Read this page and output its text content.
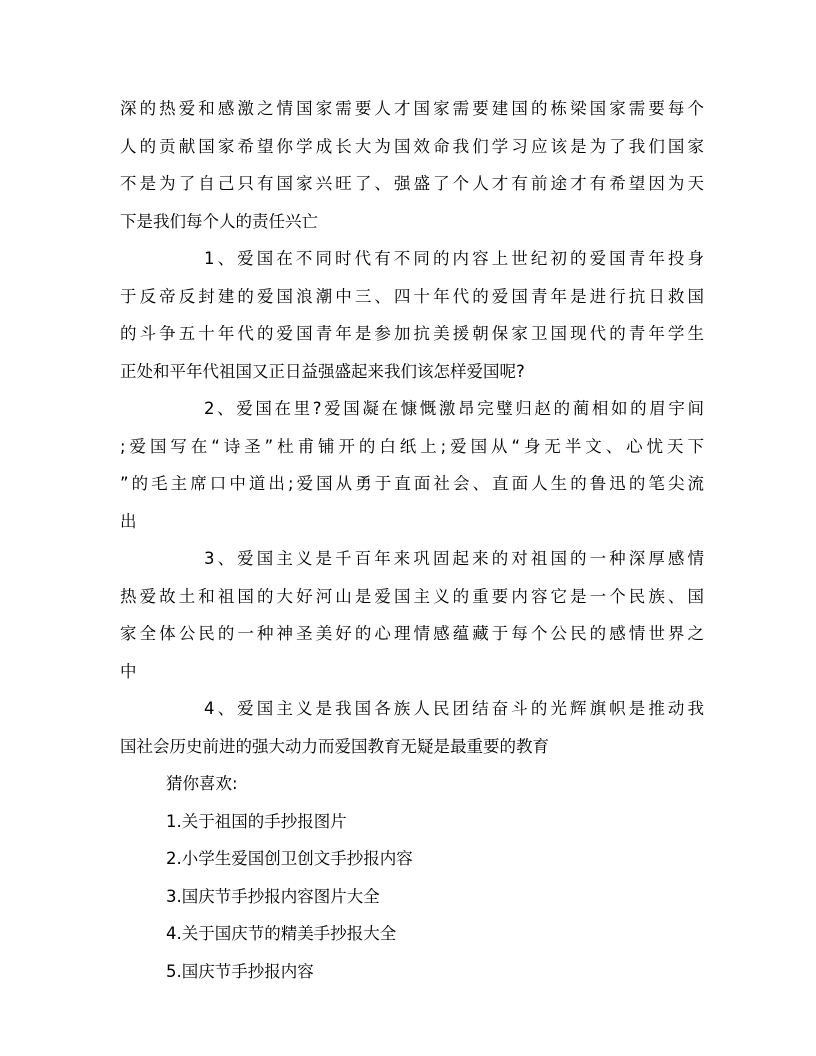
深的热爱和感激之情国家需要人才国家需要建国的栋梁国家需要每个
人的贡献国家希望你学成长大为国效命我们学习应该是为了我们国家
不是为了自己只有国家兴旺了、强盛了个人才有前途才有希望因为天
下是我们每个人的责任兴亡
1、爱国在不同时代有不同的内容上世纪初的爱国青年投身
于反帝反封建的爱国浪潮中三、四十年代的爱国青年是进行抗日救国
的斗争五十年代的爱国青年是参加抗美援朝保家卫国现代的青年学生
正处和平年代祖国又正日益强盛起来我们该怎样爱国呢?
2、爱国在里?爱国凝在慷慨激昂完璧归赵的蔺相如的眉宇间
;爱国写在“诗圣”杜甫铺开的白纸上;爱国从“身无半文、心忧天下
”的毛主席口中道出;爱国从勇于直面社会、直面人生的鲁迅的笔尖流
出
3、爱国主义是千百年来巩固起来的对祖国的一种深厚感情
热爱故土和祖国的大好河山是爱国主义的重要内容它是一个民族、国
家全体公民的一种神圣美好的心理情感蕴藏于每个公民的感情世界之
中
4、爱国主义是我国各族人民团结奋斗的光辉旗帜是推动我
国社会历史前进的强大动力而爱国教育无疑是最重要的教育
猜你喜欢:
1.关于祖国的手抄报图片
2.小学生爱国创卫创文手抄报内容
3.国庆节手抄报内容图片大全
4.关于国庆节的精美手抄报大全
5.国庆节手抄报内容
